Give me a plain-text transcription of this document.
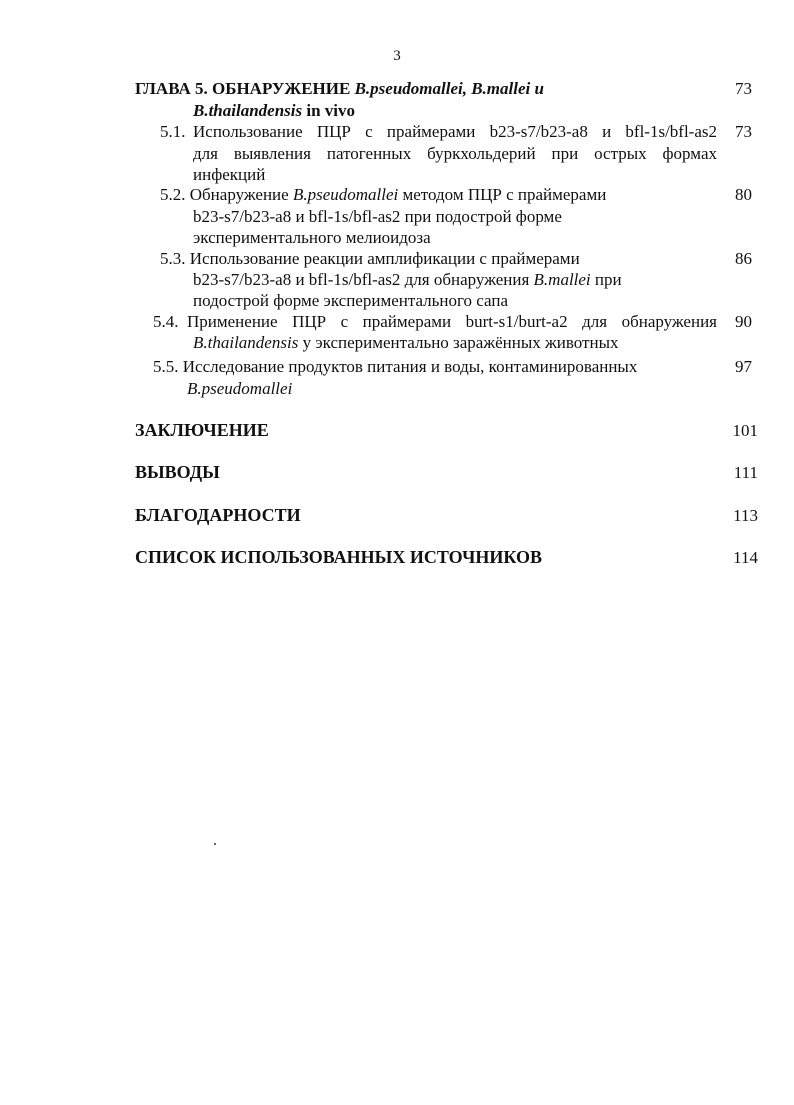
3
ГЛАВА 5. ОБНАРУЖЕНИЕ B.pseudomallei, B.mallei и
B.thailandensis in vivo
73
5.1. Использование ПЦР с праймерами b23-s7/b23-a8 и bfl-1s/bfl-as2
для выявления патогенных буркхольдерий при острых формах
инфекций
73
5.2. Обнаружение B.pseudomallei методом ПЦР с праймерами
b23-s7/b23-a8 и bfl-1s/bfl-as2 при подострой форме
экспериментального мелиоидоза
80
5.3. Использование реакции амплификации с праймерами
b23-s7/b23-a8 и bfl-1s/bfl-as2 для обнаружения B.mallei при
подострой форме экспериментального сапа
86
5.4. Применение ПЦР с праймерами burt-s1/burt-a2 для обнаружения
B.thailandensis у экспериментально заражённых животных
90
5.5. Исследование продуктов питания и воды, контаминированных
B.pseudomallei
97
ЗАКЛЮЧЕНИЕ	101
ВЫВОДЫ	111
БЛАГОДАРНОСТИ	113
СПИСОК ИСПОЛЬЗОВАННЫХ ИСТОЧНИКОВ	114
